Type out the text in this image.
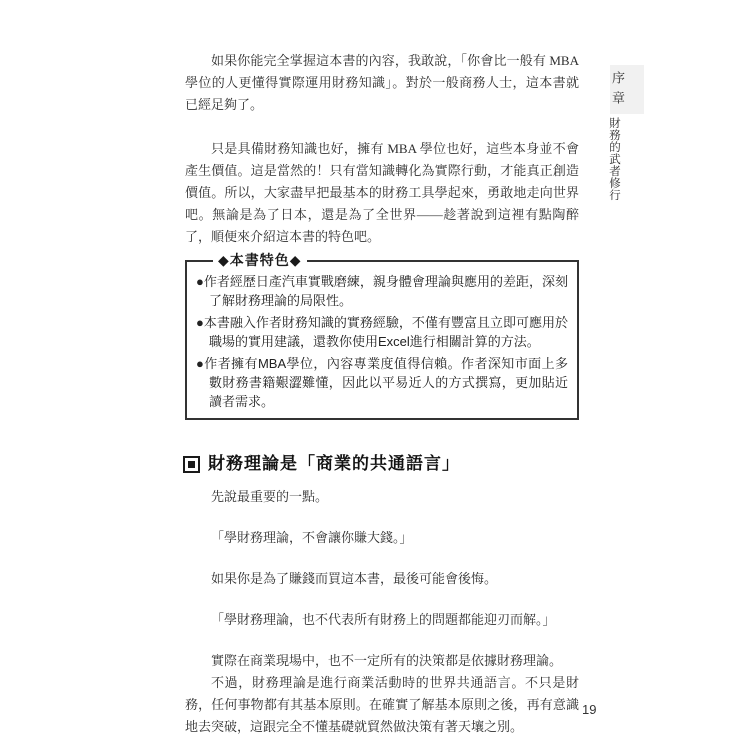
如果你能完全掌握這本書的內容，我敢說，「你會比一般有 MBA 學位的人更懂得實際運用財務知識」。對於一般商務人士，這本書就已經足夠了。

只是具備財務知識也好，擁有 MBA 學位也好，這些本身並不會產生價值。這是當然的！只有當知識轉化為實際行動，才能真正創造價值。所以，大家盡早把最基本的財務工具學起來，勇敢地走向世界吧。無論是為了日本，還是為了全世界——趁著說到這裡有點陶醉了，順便來介紹這本書的特色吧。

◆本書特色◆
●作者經歷日產汽車實戰磨練，親身體會理論與應用的差距，深刻了解財務理論的局限性。
●本書融入作者財務知識的實務經驗，不僅有豐富且立即可應用於職場的實用建議，還教你使用Excel進行相關計算的方法。
●作者擁有MBA學位，內容專業度值得信賴。作者深知市面上多數財務書籍艱澀難懂，因此以平易近人的方式撰寫，更加貼近讀者需求。
財務理論是「商業的共通語言」

先說最重要的一點。

「學財務理論，不會讓你賺大錢。」

如果你是為了賺錢而買這本書，最後可能會後悔。

「學財務理論，也不代表所有財務上的問題都能迎刃而解。」

實際在商業現場中，也不一定所有的決策都是依據財務理論。

不過，財務理論是進行商業活動時的世界共通語言。不只是財務，任何事物都有其基本原則。在確實了解基本原則之後，再有意識地去突破，這跟完全不懂基礎就貿然做決策有著天壤之別。

序章
財務的武者修行
19
